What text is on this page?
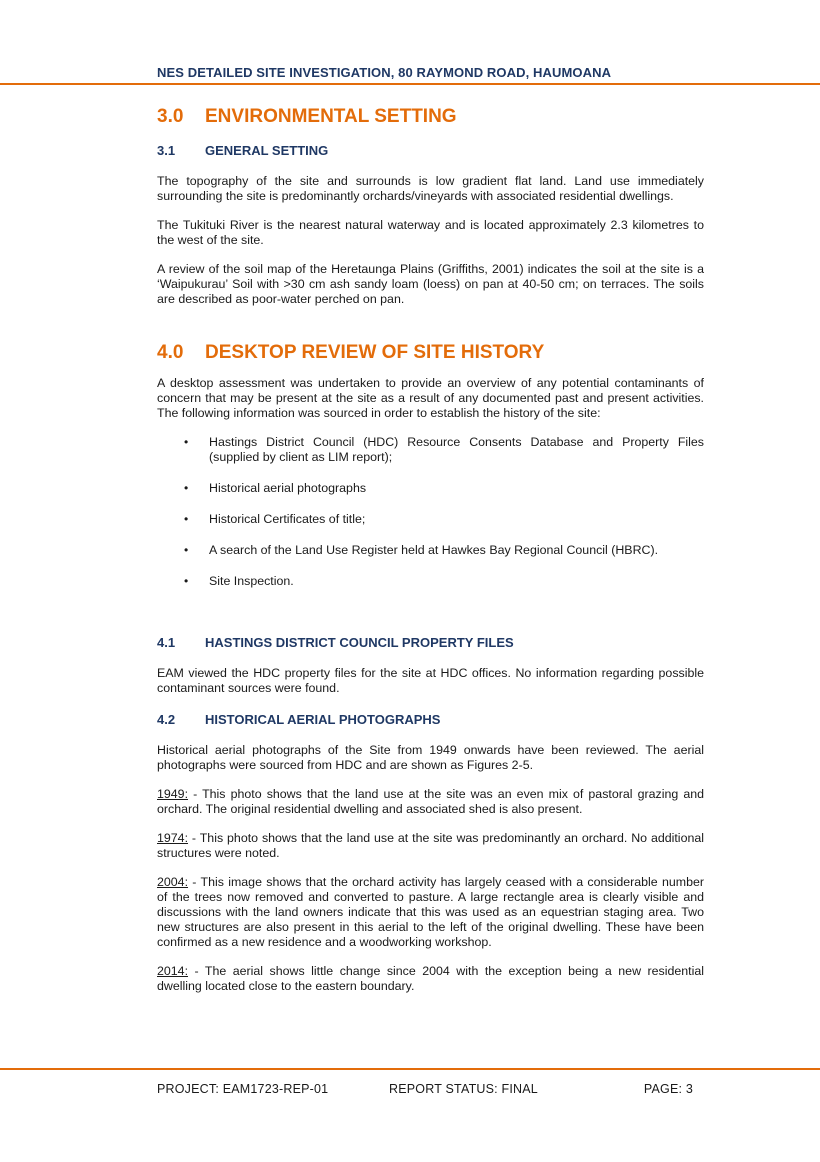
NES DETAILED SITE INVESTIGATION, 80 RAYMOND ROAD, HAUMOANA
3.0	ENVIRONMENTAL SETTING
3.1	GENERAL SETTING

The topography of the site and surrounds is low gradient flat land. Land use immediately surrounding the site is predominantly orchards/vineyards with associated residential dwellings.

The Tukituki River is the nearest natural waterway and is located approximately 2.3 kilometres to the west of the site.

A review of the soil map of the Heretaunga Plains (Griffiths, 2001) indicates the soil at the site is a ‘Waipukurau’ Soil with >30 cm ash sandy loam (loess) on pan at 40-50 cm; on terraces. The soils are described as poor-water perched on pan.

4.0	DESKTOP REVIEW OF SITE HISTORY

A desktop assessment was undertaken to provide an overview of any potential contaminants of concern that may be present at the site as a result of any documented past and present activities. The following information was sourced in order to establish the history of the site:

• Hastings District Council (HDC) Resource Consents Database and Property Files (supplied by client as LIM report);
• Historical aerial photographs
• Historical Certificates of title;
• A search of the Land Use Register held at Hawkes Bay Regional Council (HBRC).
• Site Inspection.
4.1	HASTINGS DISTRICT COUNCIL PROPERTY FILES

EAM viewed the HDC property files for the site at HDC offices. No information regarding possible contaminant sources were found.

4.2	HISTORICAL AERIAL PHOTOGRAPHS

Historical aerial photographs of the Site from 1949 onwards have been reviewed. The aerial photographs were sourced from HDC and are shown as Figures 2-5.

1949: - This photo shows that the land use at the site was an even mix of pastoral grazing and orchard. The original residential dwelling and associated shed is also present.

1974: - This photo shows that the land use at the site was predominantly an orchard. No additional structures were noted.

2004: - This image shows that the orchard activity has largely ceased with a considerable number of the trees now removed and converted to pasture. A large rectangle area is clearly visible and discussions with the land owners indicate that this was used as an equestrian staging area. Two new structures are also present in this aerial to the left of the original dwelling. These have been confirmed as a new residence and a woodworking workshop.

2014: - The aerial shows little change since 2004 with the exception being a new residential dwelling located close to the eastern boundary.

PROJECT: EAM1723-REP-01	REPORT STATUS: FINAL	PAGE: 3
